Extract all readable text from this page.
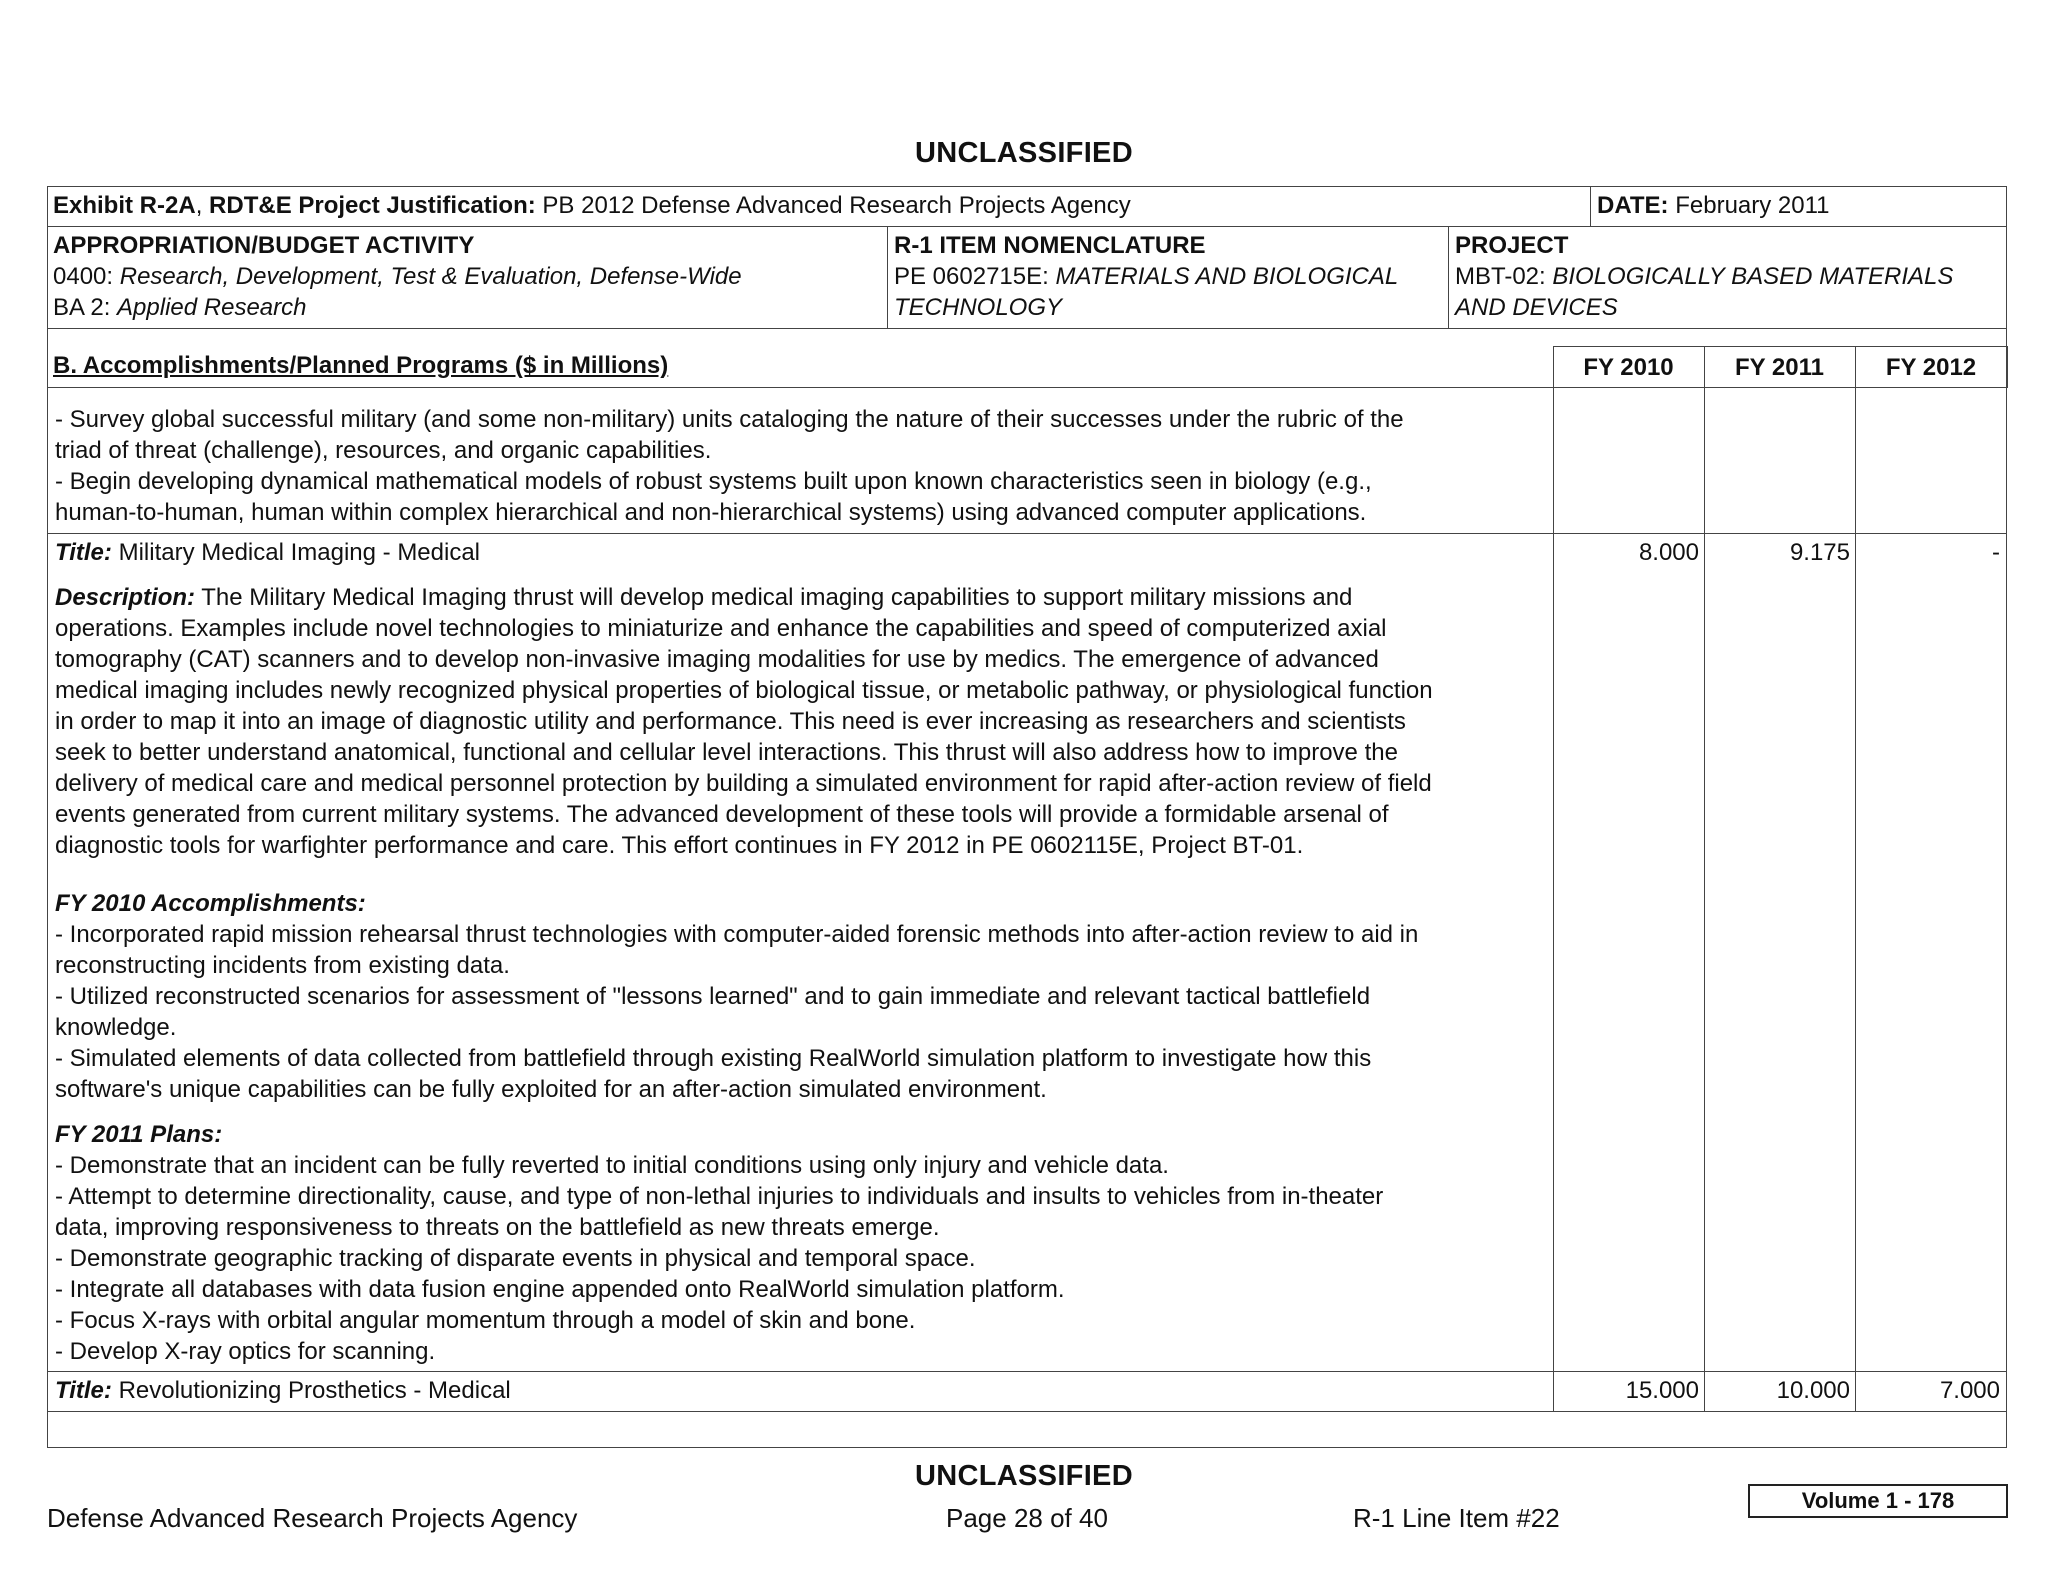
UNCLASSIFIED
Exhibit R-2A, RDT&E Project Justification: PB 2012 Defense Advanced Research Projects Agency	DATE: February 2011
APPROPRIATION/BUDGET ACTIVITY
0400: Research, Development, Test & Evaluation, Defense-Wide
BA 2: Applied Research
R-1 ITEM NOMENCLATURE
PE 0602715E: MATERIALS AND BIOLOGICAL
TECHNOLOGY
PROJECT
MBT-02: BIOLOGICALLY BASED MATERIALS
AND DEVICES
B. Accomplishments/Planned Programs ($ in Millions)	FY 2010	FY 2011	FY 2012
- Survey global successful military (and some non-military) units cataloging the nature of their successes under the rubric of the
triad of threat (challenge), resources, and organic capabilities.
- Begin developing dynamical mathematical models of robust systems built upon known characteristics seen in biology (e.g.,
human-to-human, human within complex hierarchical and non-hierarchical systems) using advanced computer applications.
Title: Military Medical Imaging - Medical	8.000	9.175	-
Description: The Military Medical Imaging thrust will develop medical imaging capabilities to support military missions and
operations. Examples include novel technologies to miniaturize and enhance the capabilities and speed of computerized axial
tomography (CAT) scanners and to develop non-invasive imaging modalities for use by medics. The emergence of advanced
medical imaging includes newly recognized physical properties of biological tissue, or metabolic pathway, or physiological function
in order to map it into an image of diagnostic utility and performance. This need is ever increasing as researchers and scientists
seek to better understand anatomical, functional and cellular level interactions. This thrust will also address how to improve the
delivery of medical care and medical personnel protection by building a simulated environment for rapid after-action review of field
events generated from current military systems. The advanced development of these tools will provide a formidable arsenal of
diagnostic tools for warfighter performance and care. This effort continues in FY 2012 in PE 0602115E, Project BT-01.
FY 2010 Accomplishments:
- Incorporated rapid mission rehearsal thrust technologies with computer-aided forensic methods into after-action review to aid in
reconstructing incidents from existing data.
- Utilized reconstructed scenarios for assessment of "lessons learned" and to gain immediate and relevant tactical battlefield
knowledge.
- Simulated elements of data collected from battlefield through existing RealWorld simulation platform to investigate how this
software's unique capabilities can be fully exploited for an after-action simulated environment.
FY 2011 Plans:
- Demonstrate that an incident can be fully reverted to initial conditions using only injury and vehicle data.
- Attempt to determine directionality, cause, and type of non-lethal injuries to individuals and insults to vehicles from in-theater
data, improving responsiveness to threats on the battlefield as new threats emerge.
- Demonstrate geographic tracking of disparate events in physical and temporal space.
- Integrate all databases with data fusion engine appended onto RealWorld simulation platform.
- Focus X-rays with orbital angular momentum through a model of skin and bone.
- Develop X-ray optics for scanning.
Title: Revolutionizing Prosthetics - Medical	15.000	10.000	7.000
UNCLASSIFIED
Defense Advanced Research Projects Agency	Page 28 of 40	R-1 Line Item #22
Volume 1 - 178
